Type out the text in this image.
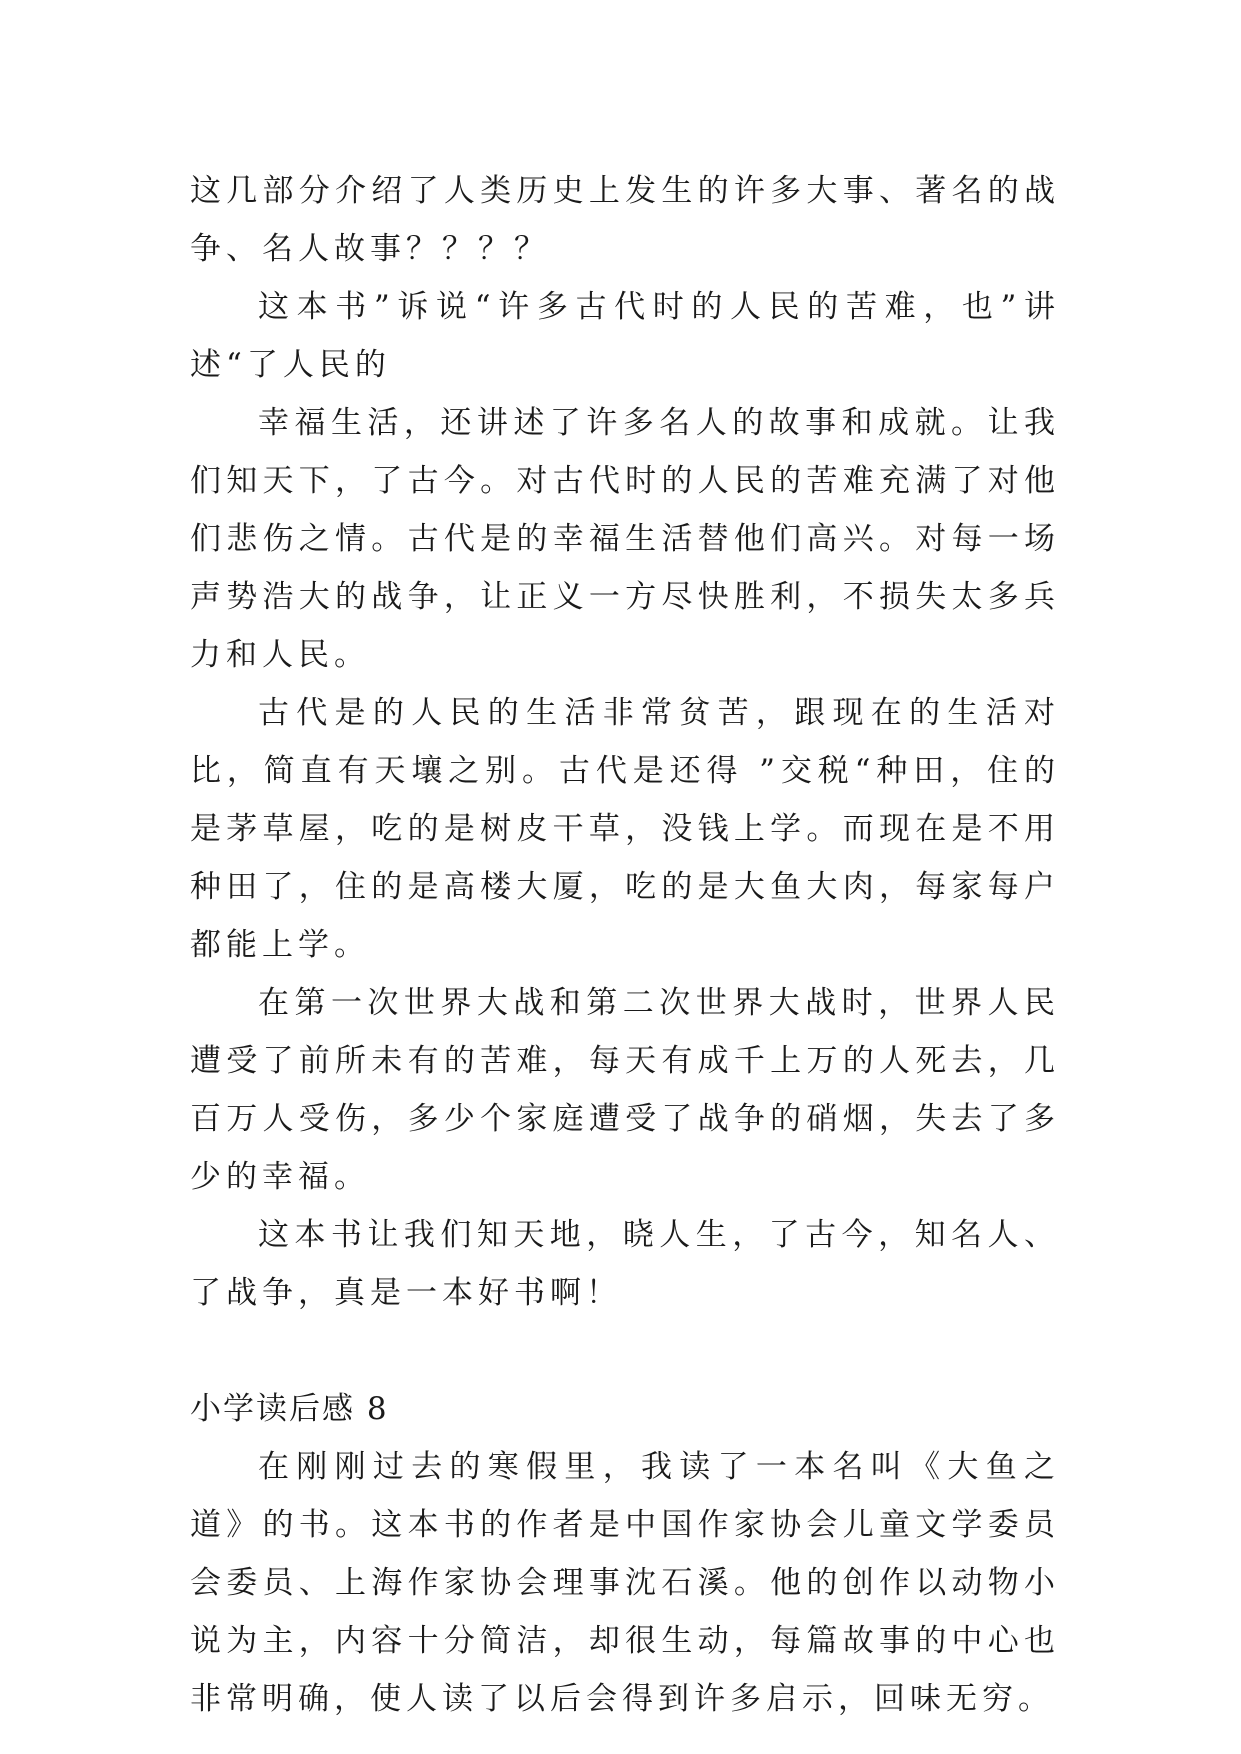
这几部分介绍了人类历史上发生的许多大事、著名的战争、名人故事？？？？

这本书”诉说“许多古代时的人民的苦难，也”讲述“了人民的

幸福生活，还讲述了许多名人的故事和成就。让我们知天下，了古今。对古代时的人民的苦难充满了对他们悲伤之情。古代是的幸福生活替他们高兴。对每一场声势浩大的战争，让正义一方尽快胜利，不损失太多兵力和人民。

古代是的人民的生活非常贫苦，跟现在的生活对比，简直有天壤之别。古代是还得 ”交税“种田，住的是茅草屋，吃的是树皮干草，没钱上学。而现在是不用种田了，住的是高楼大厦，吃的是大鱼大肉，每家每户都能上学。

在第一次世界大战和第二次世界大战时，世界人民遭受了前所未有的苦难，每天有成千上万的人死去，几百万人受伤，多少个家庭遭受了战争的硝烟，失去了多少的幸福。

这本书让我们知天地，晓人生，了古今，知名人、了战争，真是一本好书啊！

小学读后感 8

在刚刚过去的寒假里，我读了一本名叫《大鱼之道》的书。这本书的作者是中国作家协会儿童文学委员会委员、上海作家协会理事沈石溪。他的创作以动物小说为主，内容十分简洁，却很生动，每篇故事的中心也非常明确，使人读了以后会得到许多启示，回味无穷。
